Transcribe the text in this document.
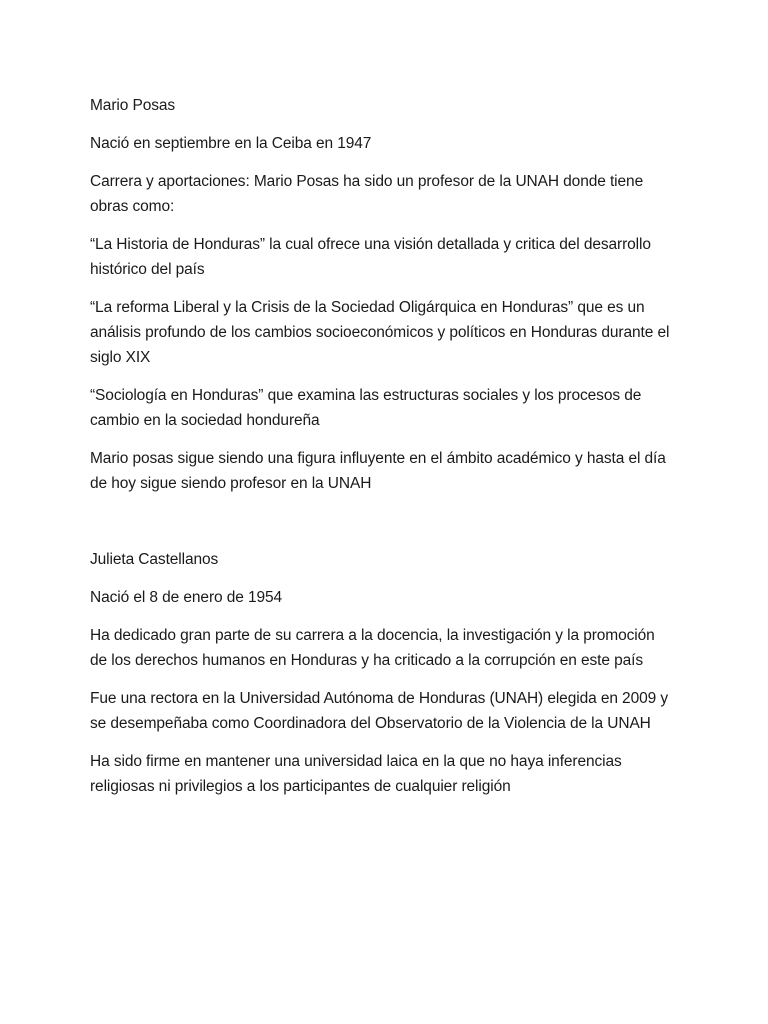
Mario Posas

Nació en septiembre en la Ceiba en 1947

Carrera y aportaciones: Mario Posas ha sido un profesor de la UNAH donde tiene obras como:

“La Historia de Honduras” la cual ofrece una visión detallada y critica del desarrollo histórico del país

“La reforma Liberal y la Crisis de la Sociedad Oligárquica en Honduras” que es un análisis profundo de los cambios socioeconómicos y políticos en Honduras durante el siglo XIX

“Sociología en Honduras” que examina las estructuras sociales y los procesos de cambio en la sociedad hondureña

Mario posas sigue siendo una figura influyente en el ámbito académico y hasta el día de hoy sigue siendo profesor en la UNAH

Julieta Castellanos

Nació el 8 de enero de 1954

Ha dedicado gran parte de su carrera a la docencia, la investigación y la promoción de los derechos humanos en Honduras y ha criticado a la corrupción en este país

Fue una rectora en la Universidad Autónoma de Honduras (UNAH) elegida en 2009 y se desempeñaba como Coordinadora del Observatorio de la Violencia de la UNAH

Ha sido firme en mantener una universidad laica en la que no haya inferencias religiosas ni privilegios a los participantes de cualquier religión
